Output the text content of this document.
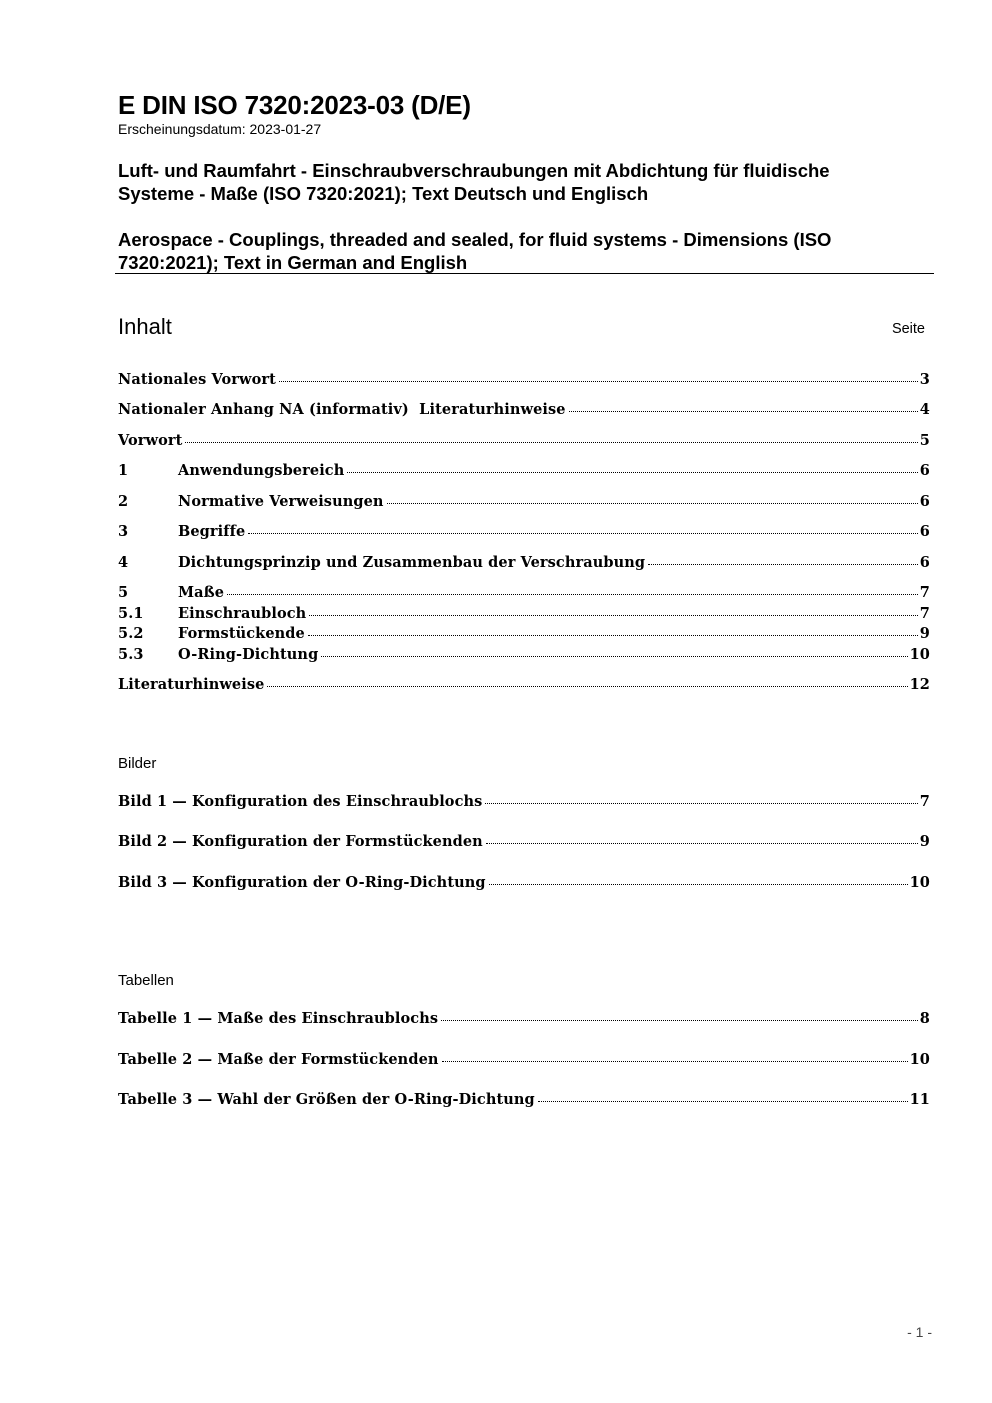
E DIN ISO 7320:2023-03 (D/E)
Erscheinungsdatum: 2023-01-27
Luft- und Raumfahrt - Einschraubverschraubungen mit Abdichtung für fluidische
Systeme - Maße (ISO 7320:2021); Text Deutsch und Englisch
Aerospace - Couplings, threaded and sealed, for fluid systems - Dimensions (ISO
7320:2021); Text in German and English
Inhalt	Seite
Nationales Vorwort	3
Nationaler Anhang NA (informativ)  Literaturhinweise	4
Vorwort	5
1	Anwendungsbereich	6
2	Normative Verweisungen	6
3	Begriffe	6
4	Dichtungsprinzip und Zusammenbau der Verschraubung	6
5	Maße	7
5.1	Einschraubloch	7
5.2	Formstückende	9
5.3	O-Ring-Dichtung	10
Literaturhinweise	12
Bilder
Bild 1 — Konfiguration des Einschraublochs	7
Bild 2 — Konfiguration der Formstückenden	9
Bild 3 — Konfiguration der O-Ring-Dichtung	10
Tabellen
Tabelle 1 — Maße des Einschraublochs	8
Tabelle 2 — Maße der Formstückenden	10
Tabelle 3 — Wahl der Größen der O-Ring-Dichtung	11
- 1 -
